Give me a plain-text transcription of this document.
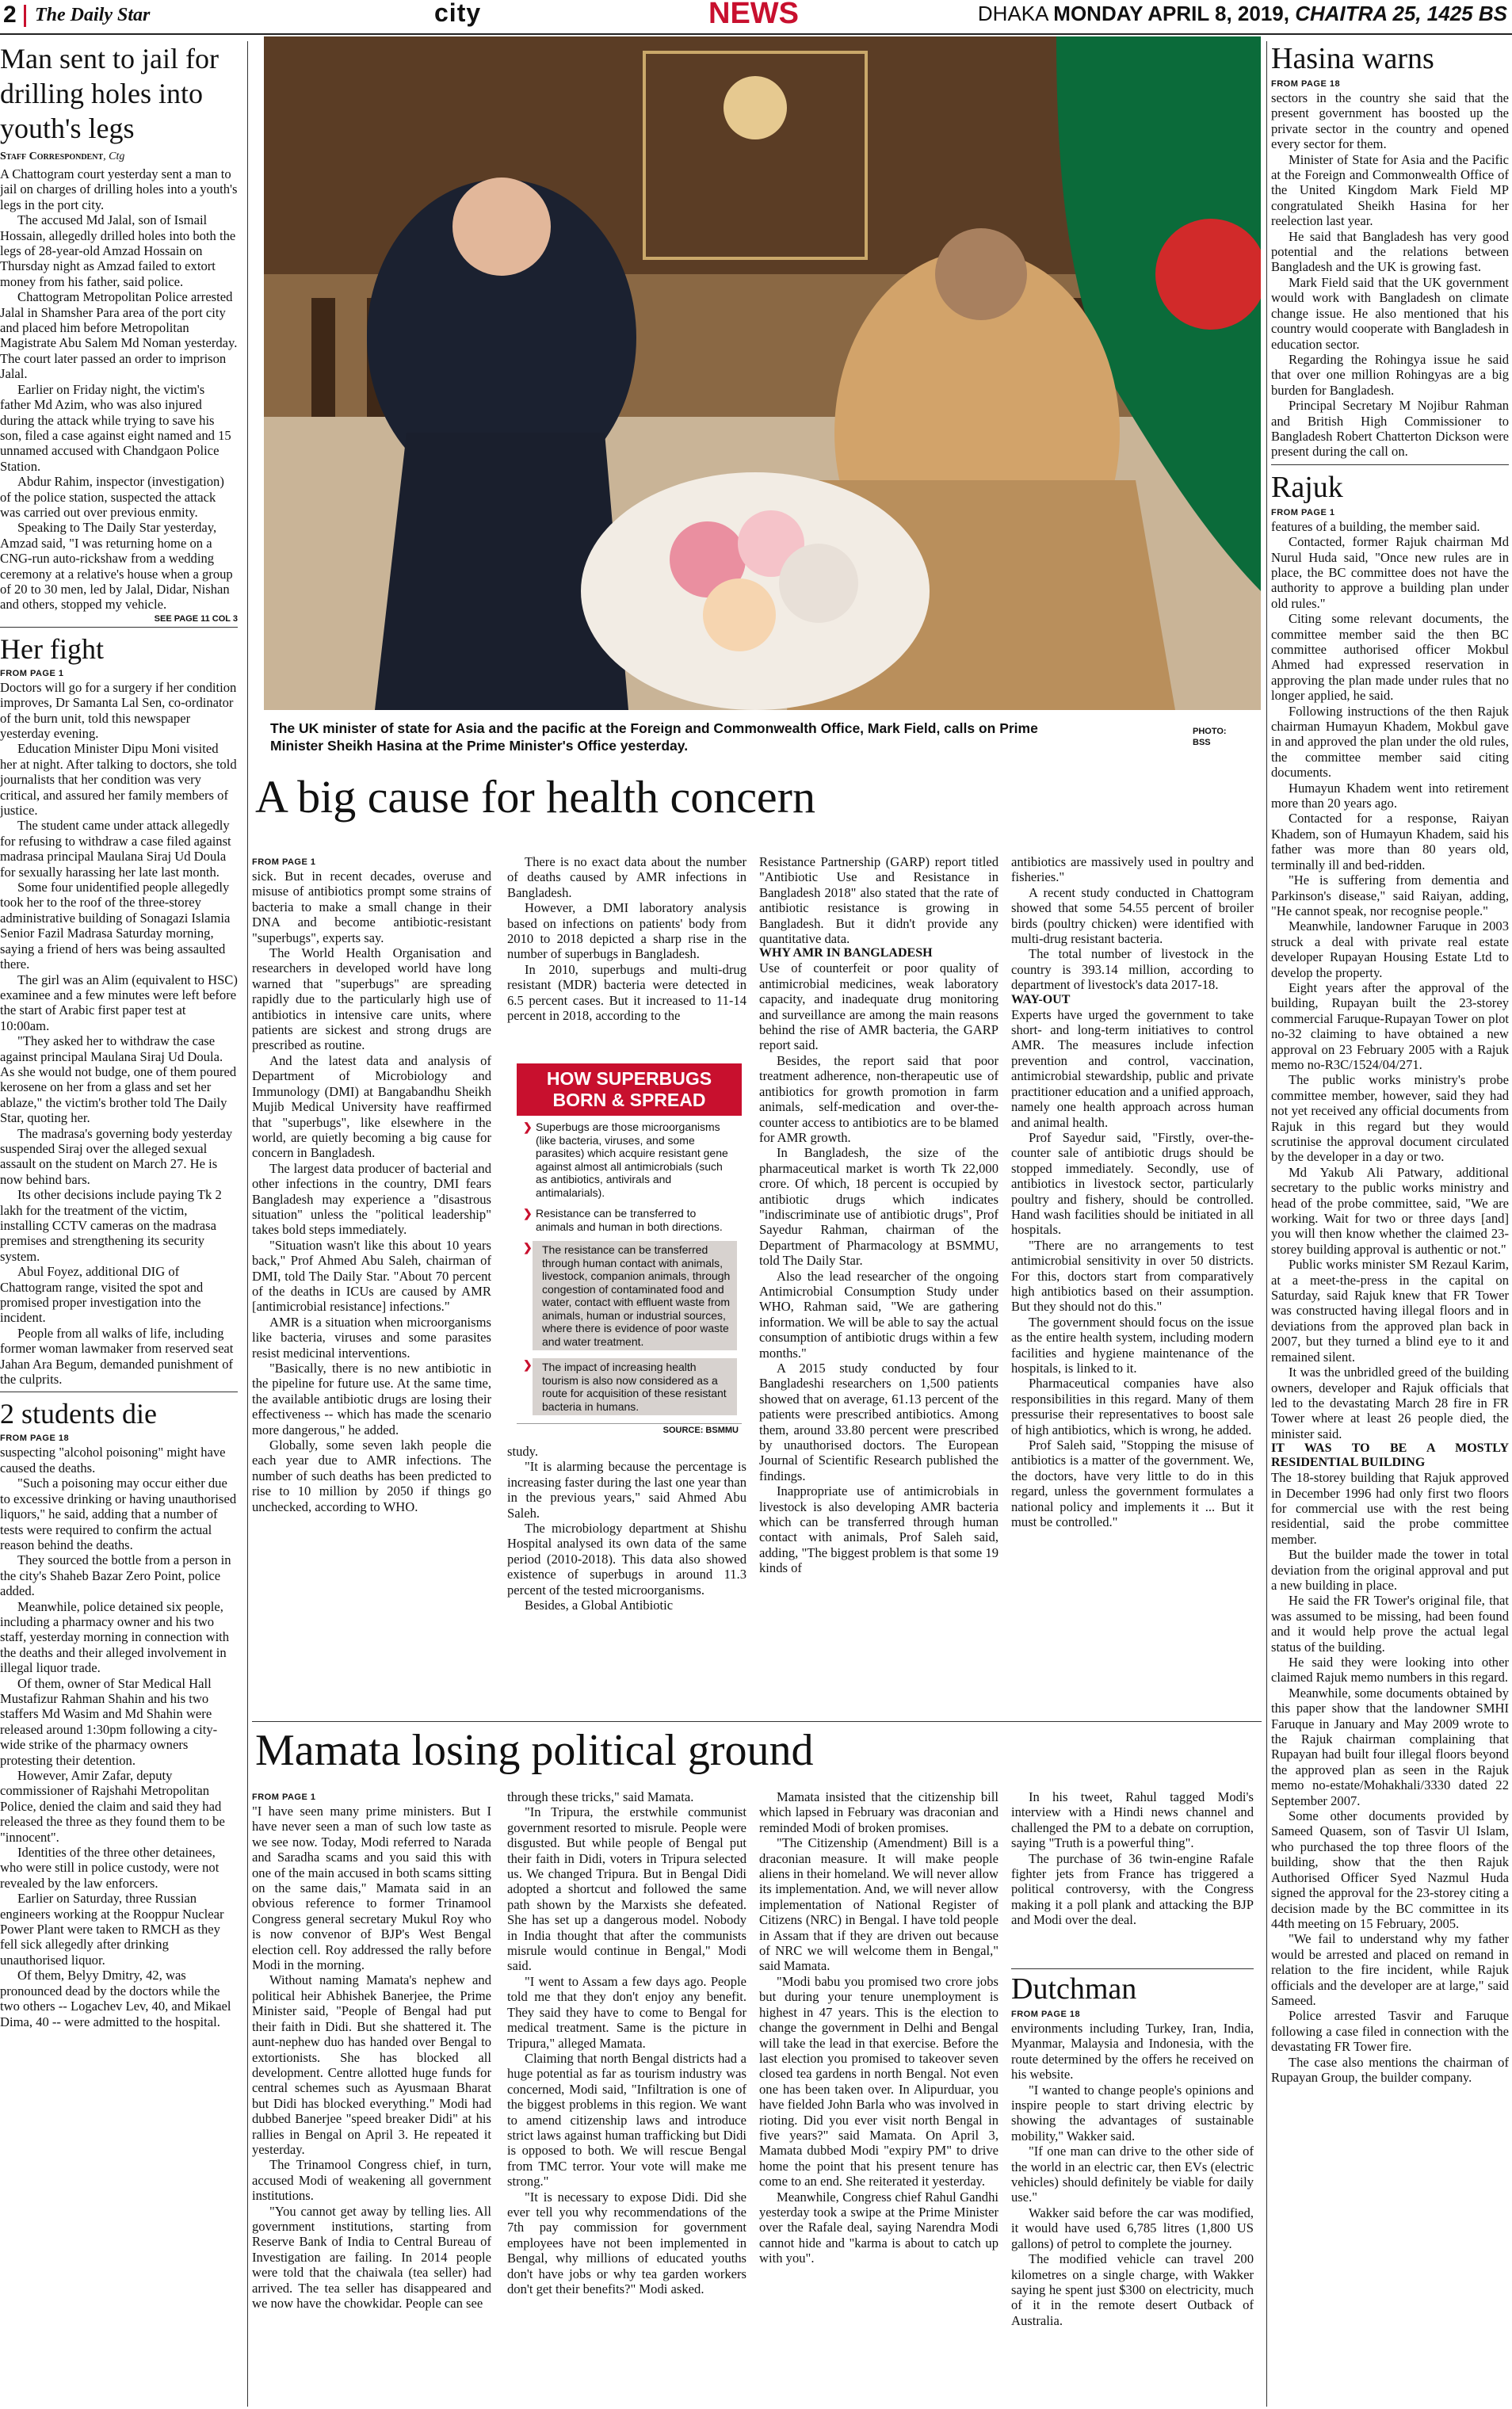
2 The Daily Star	city	NEWS	DHAKA MONDAY APRIL 8, 2019, CHAITRA 25, 1425 BS
Man sent to jail for drilling holes into youth's legs
Staff Correspondent, Ctg

A Chattogram court yesterday sent a man to jail on charges of drilling holes into a youth's legs in the port city.

The accused Md Jalal, son of Ismail Hossain, allegedly drilled holes into both the legs of 28-year-old Amzad Hossain on Thursday night as Amzad failed to extort money from his father, said police.

Chattogram Metropolitan Police arrested Jalal in Shamsher Para area of the port city and placed him before Metropolitan Magistrate Abu Salem Md Noman yesterday. The court later passed an order to imprison Jalal.

Earlier on Friday night, the victim's father Md Azim, who was also injured during the attack while trying to save his son, filed a case against eight named and 15 unnamed accused with Chandgaon Police Station.

Abdur Rahim, inspector (investigation) of the police station, suspected the attack was carried out over previous enmity.

Speaking to The Daily Star yesterday, Amzad said, "I was returning home on a CNG-run auto-rickshaw from a wedding ceremony at a relative's house when a group of 20 to 30 men, led by Jalal, Didar, Nishan and others, stopped my vehicle.

SEE PAGE 11 COL 3
Her fight
FROM PAGE 1

Doctors will go for a surgery if her condition improves, Dr Samanta Lal Sen, co-ordinator of the burn unit, told this newspaper yesterday evening.

Education Minister Dipu Moni visited her at night. After talking to doctors, she told journalists that her condition was very critical, and assured her family members of justice.

The student came under attack allegedly for refusing to withdraw a case filed against madrasa principal Maulana Siraj Ud Doula for sexually harassing her late last month.

Some four unidentified people allegedly took her to the roof of the three-storey administrative building of Sonagazi Islamia Senior Fazil Madrasa Saturday morning, saying a friend of hers was being assaulted there.

The girl was an Alim (equivalent to HSC) examinee and a few minutes were left before the start of Arabic first paper test at 10:00am.

"They asked her to withdraw the case against principal Maulana Siraj Ud Doula. As she would not budge, one of them poured kerosene on her from a glass and set her ablaze," the victim's brother told The Daily Star, quoting her.

The madrasa's governing body yesterday suspended Siraj over the alleged sexual assault on the student on March 27. He is now behind bars.

Its other decisions include paying Tk 2 lakh for the treatment of the victim, installing CCTV cameras on the madrasa premises and strengthening its security system.

Abul Foyez, additional DIG of Chattogram range, visited the spot and promised proper investigation into the incident.

People from all walks of life, including former woman lawmaker from reserved seat Jahan Ara Begum, demanded punishment of the culprits.

2 students die
FROM PAGE 18

suspecting "alcohol poisoning" might have caused the deaths.

"Such a poisoning may occur either due to excessive drinking or having unauthorised liquors," he said, adding that a number of tests were required to confirm the actual reason behind the deaths.

They sourced the bottle from a person in the city's Shaheb Bazar Zero Point, police added.

Meanwhile, police detained six people, including a pharmacy owner and his two staff, yesterday morning in connection with the deaths and their alleged involvement in illegal liquor trade.

Of them, owner of Star Medical Hall Mustafizur Rahman Shahin and his two staffers Md Wasim and Md Shahin were released around 1:30pm following a city-wide strike of the pharmacy owners protesting their detention.

However, Amir Zafar, deputy commissioner of Rajshahi Metropolitan Police, denied the claim and said they had released the three as they found them to be "innocent".

Identities of the three other detainees, who were still in police custody, were not revealed by the law enforcers.

Earlier on Saturday, three Russian engineers working at the Rooppur Nuclear Power Plant were taken to RMCH as they fell sick allegedly after drinking unauthorised liquor.

Of them, Belyy Dmitry, 42, was pronounced dead by the doctors while the two others -- Logachev Lev, 40, and Mikael Dima, 40 -- were admitted to the hospital.

The UK minister of state for Asia and the pacific at the Foreign and Commonwealth Office, Mark Field, calls on Prime Minister Sheikh Hasina at the Prime Minister's Office yesterday.
PHOTO:
BSS
A big cause for health concern
FROM PAGE 1

sick. But in recent decades, overuse and misuse of antibiotics prompt some strains of bacteria to make a small change in their DNA and become antibiotic-resistant "superbugs", experts say.

The World Health Organisation and researchers in developed world have long warned that "superbugs" are spreading rapidly due to the particularly high use of antibiotics in intensive care units, where patients are sickest and strong drugs are prescribed as routine.

And the latest data and analysis of Department of Microbiology and Immunology (DMI) at Bangabandhu Sheikh Mujib Medical University have reaffirmed that "superbugs", like elsewhere in the world, are quietly becoming a big cause for concern in Bangladesh.

The largest data producer of bacterial and other infections in the country, DMI fears Bangladesh may experience a "disastrous situation" unless the "political leadership" takes bold steps immediately.

"Situation wasn't like this about 10 years back," Prof Ahmed Abu Saleh, chairman of DMI, told The Daily Star. "About 70 percent of the deaths in ICUs are caused by AMR [antimicrobial resistance] infections."

AMR is a situation when microorganisms like bacteria, viruses and some parasites resist medicinal interventions.

"Basically, there is no new antibiotic in the pipeline for future use. At the same time, the available antibiotic drugs are losing their effectiveness -- which has made the scenario more dangerous," he added.

Globally, some seven lakh people die each year due to AMR infections. The number of such deaths has been predicted to rise to 10 million by 2050 if things go unchecked, according to WHO.

There is no exact data about the number of deaths caused by AMR infections in Bangladesh.

However, a DMI laboratory analysis based on infections on patients' body from 2010 to 2018 depicted a sharp rise in the number of superbugs in Bangladesh.

In 2010, superbugs and multi-drug resistant (MDR) bacteria were detected in 6.5 percent cases. But it increased to 11-14 percent in 2018, according to the

HOW SUPERBUGS
BORN & SPREAD
❯ Superbugs are those microorganisms (like bacteria, viruses, and some parasites) which acquire resistant gene against almost all antimicrobials (such as antibiotics, antivirals and antimalarials).
❯ Resistance can be transferred to animals and human in both directions.
❯ The resistance can be transferred through human contact with animals, livestock, companion animals, through congestion of contaminated food and water, contact with effluent waste from animals, human or industrial sources, where there is evidence of poor waste and water treatment.
❯ The impact of increasing health tourism is also now considered as a route for acquisition of these resistant bacteria in humans.
SOURCE: BSMMU

study.

"It is alarming because the percentage is increasing faster during the last one year than in the previous years," said Ahmed Abu Saleh.

The microbiology department at Shishu Hospital analysed its own data of the same period (2010-2018). This data also showed existence of superbugs in around 11.3 percent of the tested microorganisms.

Besides, a Global Antibiotic

Resistance Partnership (GARP) report titled "Antibiotic Use and Resistance in Bangladesh 2018" also stated that the rate of antibiotic resistance is growing in Bangladesh. But it didn't provide any quantitative data.

WHY AMR IN BANGLADESH

Use of counterfeit or poor quality of antimicrobial medicines, weak laboratory capacity, and inadequate drug monitoring and surveillance are among the main reasons behind the rise of AMR bacteria, the GARP report said.

Besides, the report said that poor treatment adherence, non-therapeutic use of antibiotics for growth promotion in farm animals, self-medication and over-the-counter access to antibiotics are to be blamed for AMR growth.

In Bangladesh, the size of the pharmaceutical market is worth Tk 22,000 crore. Of which, 18 percent is occupied by antibiotic drugs which indicates "indiscriminate use of antibiotic drugs", Prof Sayedur Rahman, chairman of the Department of Pharmacology at BSMMU, told The Daily Star.

Also the lead researcher of the ongoing Antimicrobial Consumption Study under WHO, Rahman said, "We are gathering information. We will be able to say the actual consumption of antibiotic drugs within a few months."

A 2015 study conducted by four Bangladeshi researchers on 1,500 patients showed that on average, 61.13 percent of the patients were prescribed antibiotics. Among them, around 33.80 percent were prescribed by unauthorised doctors. The European Journal of Scientific Research published the findings.

Inappropriate use of antimicrobials in livestock is also developing AMR bacteria which can be transferred through human contact with animals, Prof Saleh said, adding, "The biggest problem is that some 19 kinds of

antibiotics are massively used in poultry and fisheries."

A recent study conducted in Chattogram showed that some 54.55 percent of broiler birds (poultry chicken) were identified with multi-drug resistant bacteria.

The total number of livestock in the country is 393.14 million, according to department of livestock's data 2017-18.

WAY-OUT

Experts have urged the government to take short- and long-term initiatives to control AMR. The measures include infection prevention and control, vaccination, antimicrobial stewardship, public and private practitioner education and a unified approach, namely one health approach across human and animal health.

Prof Sayedur said, "Firstly, over-the-counter sale of antibiotic drugs should be stopped immediately. Secondly, use of antibiotics in livestock sector, particularly poultry and fishery, should be controlled. Hand wash facilities should be initiated in all hospitals.

"There are no arrangements to test antimicrobial sensitivity in over 50 districts. For this, doctors start from comparatively high antibiotics based on their assumption. But they should not do this."

The government should focus on the issue as the entire health system, including modern facilities and hygiene maintenance of the hospitals, is linked to it.

Pharmaceutical companies have also responsibilities in this regard. Many of them pressurise their representatives to boost sale of high antibiotics, which is wrong, he added.

Prof Saleh said, "Stopping the misuse of antibiotics is a matter of the government. We, the doctors, have very little to do in this regard, unless the government formulates a national policy and implements it ... But it must be controlled."

Mamata losing political ground
FROM PAGE 1

"I have seen many prime ministers. But I have never seen a man of such low taste as we see now. Today, Modi referred to Narada and Saradha scams and you said this with one of the main accused in both scams sitting on the same dais," Mamata said in an obvious reference to former Trinamool Congress general secretary Mukul Roy who is now convenor of BJP's West Bengal election cell. Roy addressed the rally before Modi in the morning.

Without naming Mamata's nephew and political heir Abhishek Banerjee, the Prime Minister said, "People of Bengal had put their faith in Didi. But she shattered it. The aunt-nephew duo has handed over Bengal to extortionists. She has blocked all development. Centre allotted huge funds for central schemes such as Ayusmaan Bharat but Didi has blocked everything." Modi had dubbed Banerjee "speed breaker Didi" at his rallies in Bengal on April 3. He repeated it yesterday.

The Trinamool Congress chief, in turn, accused Modi of weakening all government institutions.

"You cannot get away by telling lies. All government institutions, starting from Reserve Bank of India to Central Bureau of Investigation are failing. In 2014 people were told that the chaiwala (tea seller) had arrived. The tea seller has disappeared and we now have the chowkidar. People can see

through these tricks," said Mamata.

"In Tripura, the erstwhile communist government resorted to misrule. People were disgusted. But while people of Bengal put their faith in Didi, voters in Tripura selected us. We changed Tripura. But in Bengal Didi adopted a shortcut and followed the same path shown by the Marxists she defeated. She has set up a dangerous model. Nobody in India thought that after the communists misrule would continue in Bengal," Modi said.

"I went to Assam a few days ago. People told me that they don't enjoy any benefit. They said they have to come to Bengal for medical treatment. Same is the picture in Tripura," alleged Mamata.

Claiming that north Bengal districts had a huge potential as far as tourism industry was concerned, Modi said, "Infiltration is one of the biggest problems in this region. We want to amend citizenship laws and introduce strict laws against human trafficking but Didi is opposed to both. We will rescue Bengal from TMC terror. Your vote will make me strong."

"It is necessary to expose Didi. Did she ever tell you why recommendations of the 7th pay commission for government employees have not been implemented in Bengal, why millions of educated youths don't have jobs or why tea garden workers don't get their benefits?" Modi asked.

Mamata insisted that the citizenship bill which lapsed in February was draconian and reminded Modi of broken promises.

"The Citizenship (Amendment) Bill is a draconian measure. It will make people aliens in their homeland. We will never allow its implementation. And, we will never allow implementation of National Register of Citizens (NRC) in Bengal. I have told people in Assam that if they are driven out because of NRC we will welcome them in Bengal," said Mamata.

"Modi babu you promised two crore jobs but during your tenure unemployment is highest in 47 years. This is the election to change the government in Delhi and Bengal will take the lead in that exercise. Before the last election you promised to takeover seven closed tea gardens in north Bengal. Not even one has been taken over. In Alipurduar, you have fielded John Barla who was involved in rioting. Did you ever visit north Bengal in five years?" said Mamata. On April 3, Mamata dubbed Modi "expiry PM" to drive home the point that his present tenure has come to an end. She reiterated it yesterday.

Meanwhile, Congress chief Rahul Gandhi yesterday took a swipe at the Prime Minister over the Rafale deal, saying Narendra Modi cannot hide and "karma is about to catch up with you".

In his tweet, Rahul tagged Modi's interview with a Hindi news channel and challenged the PM to a debate on corruption, saying "Truth is a powerful thing".

The purchase of 36 twin-engine Rafale fighter jets from France has triggered a political controversy, with the Congress making it a poll plank and attacking the BJP and Modi over the deal.

Dutchman
FROM PAGE 18

environments including Turkey, Iran, India, Myanmar, Malaysia and Indonesia, with the route determined by the offers he received on his website.

"I wanted to change people's opinions and inspire people to start driving electric by showing the advantages of sustainable mobility," Wakker said.

"If one man can drive to the other side of the world in an electric car, then EVs (electric vehicles) should definitely be viable for daily use."

Wakker said before the car was modified, it would have used 6,785 litres (1,800 US gallons) of petrol to complete the journey.

The modified vehicle can travel 200 kilometres on a single charge, with Wakker saying he spent just $300 on electricity, much of it in the remote desert Outback of Australia.

Hasina warns
FROM PAGE 18

sectors in the country she said that the present government has boosted up the private sector in the country and opened every sector for them.

Minister of State for Asia and the Pacific at the Foreign and Commonwealth Office of the United Kingdom Mark Field MP congratulated Sheikh Hasina for her reelection last year.

He said that Bangladesh has very good potential and the relations between Bangladesh and the UK is growing fast.

Mark Field said that the UK government would work with Bangladesh on climate change issue. He also mentioned that his country would cooperate with Bangladesh in education sector.

Regarding the Rohingya issue he said that over one million Rohingyas are a big burden for Bangladesh.

Principal Secretary M Nojibur Rahman and British High Commissioner to Bangladesh Robert Chatterton Dickson were present during the call on.

Rajuk
FROM PAGE 1

features of a building, the member said.

Contacted, former Rajuk chairman Md Nurul Huda said, "Once new rules are in place, the BC committee does not have the authority to approve a building plan under old rules."

Citing some relevant documents, the committee member said the then BC committee authorised officer Mokbul Ahmed had expressed reservation in approving the plan made under rules that no longer applied, he said.

Following instructions of the then Rajuk chairman Humayun Khadem, Mokbul gave in and approved the plan under the old rules, the committee member said citing documents.

Humayun Khadem went into retirement more than 20 years ago.

Contacted for a response, Raiyan Khadem, son of Humayun Khadem, said his father was more than 80 years old, terminally ill and bed-ridden.

"He is suffering from dementia and Parkinson's disease," said Raiyan, adding, "He cannot speak, nor recognise people."

Meanwhile, landowner Faruque in 2003 struck a deal with private real estate developer Rupayan Housing Estate Ltd to develop the property.

Eight years after the approval of the building, Rupayan built the 23-storey commercial Faruque-Rupayan Tower on plot no-32 claiming to have obtained a new approval on 23 February 2005 with a Rajuk memo no-R3C/1524/04/271.

The public works ministry's probe committee member, however, said they had not yet received any official documents from Rajuk in this regard but they would scrutinise the approval document circulated by the developer in a day or two.

Md Yakub Ali Patwary, additional secretary to the public works ministry and head of the probe committee, said, "We are working. Wait for two or three days [and] you will then know whether the claimed 23-storey building approval is authentic or not."

Public works minister SM Rezaul Karim, at a meet-the-press in the capital on Saturday, said Rajuk knew that FR Tower was constructed having illegal floors and in deviations from the approved plan back in 2007, but they turned a blind eye to it and remained silent.

It was the unbridled greed of the building owners, developer and Rajuk officials that led to the devastating March 28 fire in FR Tower where at least 26 people died, the minister said.

IT WAS TO BE A MOSTLY RESIDENTIAL BUILDING

The 18-storey building that Rajuk approved in December 1996 had only first two floors for commercial use with the rest being residential, said the probe committee member.

But the builder made the tower in total deviation from the original approval and put a new building in place.

He said the FR Tower's original file, that was assumed to be missing, had been found and it would help prove the actual legal status of the building.

He said they were looking into other claimed Rajuk memo numbers in this regard.

Meanwhile, some documents obtained by this paper show that the landowner SMHI Faruque in January and May 2009 wrote to the Rajuk chairman complaining that Rupayan had built four illegal floors beyond the approved plan as seen in the Rajuk memo no-estate/Mohakhali/3330 dated 22 September 2007.

Some other documents provided by Sameed Quasem, son of Tasvir Ul Islam, who purchased the top three floors of the building, show that the then Rajuk Authorised Officer Syed Nazmul Huda signed the approval for the 23-storey citing a decision made by the BC committee in its 44th meeting on 15 February, 2005.

"We fail to understand why my father would be arrested and placed on remand in relation to the fire incident, while Rajuk officials and the developer are at large," said Sameed.

Police arrested Tasvir and Faruque following a case filed in connection with the devastating FR Tower fire.

The case also mentions the chairman of Rupayan Group, the builder company.
